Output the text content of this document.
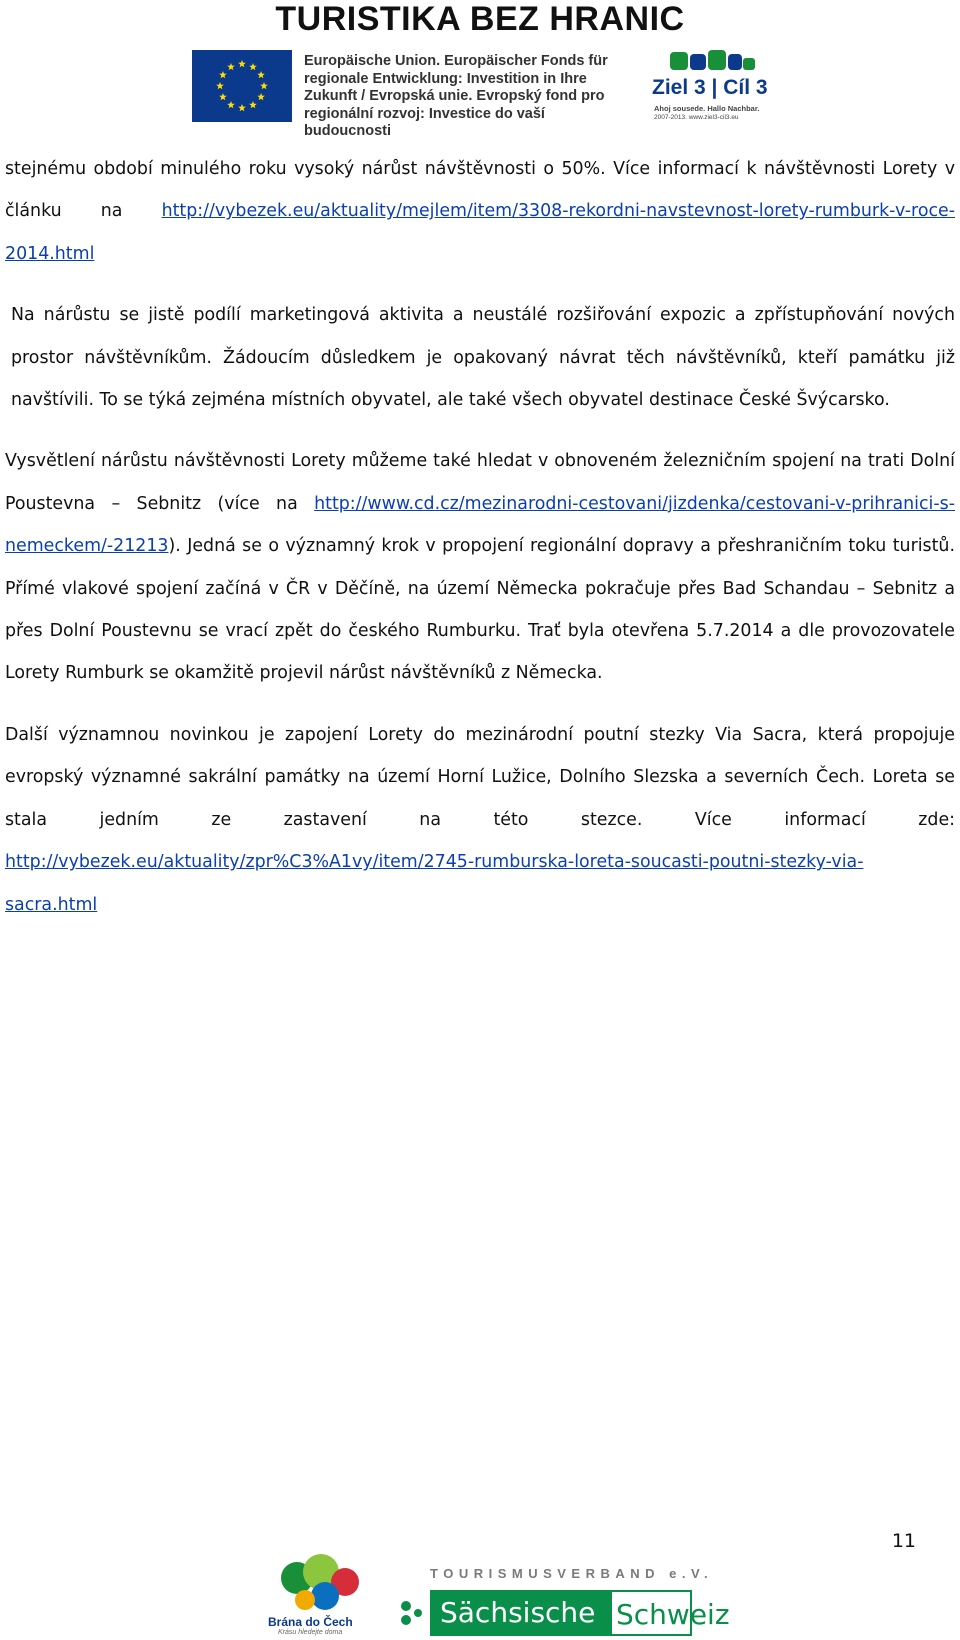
TURISTIKA BEZ HRANIC
Europäische Union. Europäischer Fonds für
regionale Entwicklung: Investition in Ihre
Zukunft / Evropská unie. Evropský fond pro
regionální rozvoj: Investice do vaší budoucnosti
Ziel 3 | Cíl 3
Ahoj sousede. Hallo Nachbar.
2007-2013. www.ziel3-cil3.eu

stejnému období minulého roku vysoký nárůst návštěvnosti o 50%. Více informací k návštěvnosti Lorety v článku na http://vybezek.eu/aktuality/mejlem/item/3308-rekordni-navstevnost-lorety-rumburk-v-roce-2014.html

Na nárůstu se jistě podílí marketingová aktivita a neustálé rozšiřování expozic a zpřístupňování nových prostor návštěvníkům. Žádoucím důsledkem je opakovaný návrat těch návštěvníků, kteří památku již navštívili. To se týká zejména místních obyvatel, ale také všech obyvatel destinace České Švýcarsko.

Vysvětlení nárůstu návštěvnosti Lorety můžeme také hledat v obnoveném železničním spojení na trati Dolní Poustevna – Sebnitz (více na http://www.cd.cz/mezinarodni-cestovani/jizdenka/cestovani-v-prihranici-s-nemeckem/-21213). Jedná se o významný krok v propojení regionální dopravy a přeshraničním toku turistů. Přímé vlakové spojení začíná v ČR v Děčíně, na území Německa pokračuje přes Bad Schandau – Sebnitz a přes Dolní Poustevnu se vrací zpět do českého Rumburku. Trať byla otevřena 5.7.2014 a dle provozovatele Lorety Rumburk se okamžitě projevil nárůst návštěvníků z Německa.

Další významnou novinkou je zapojení Lorety do mezinárodní poutní stezky Via Sacra, která propojuje evropský významné sakrální památky na území Horní Lužice, Dolního Slezska a severních Čech. Loreta se stala jedním ze zastavení na této stezce. Více informací zde: http://vybezek.eu/aktuality/zpr%C3%A1vy/item/2745-rumburska-loreta-soucasti-poutni-stezky-via-sacra.html

11
Brána do Čech
Krásu hledejte doma
TOURISMUSVERBAND e.V.
Sächsische Schweiz
